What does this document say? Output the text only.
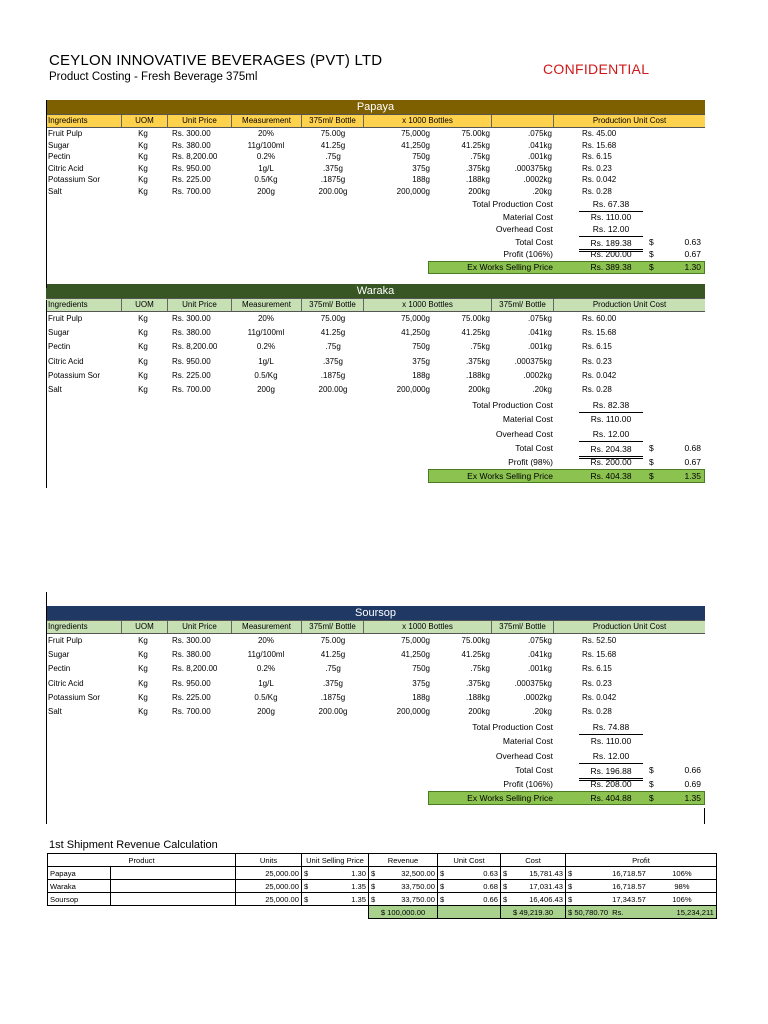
CEYLON INNOVATIVE BEVERAGES (PVT) LTD
Product Costing - Fresh Beverage 375ml	CONFIDENTIAL
Papaya
Ingredients	UOM	Unit Price	Measurement	375ml/ Bottle	x 1000 Bottles	Production Unit Cost
Fruit Pulp	Kg	Rs. 300.00	20%	75.00g	75,000g	75.00kg	.075kg	Rs. 45.00
Sugar	Kg	Rs. 380.00	11g/100ml	41.25g	41,250g	41.25kg	.041kg	Rs. 15.68
Pectin	Kg	Rs. 8,200.00	0.2%	.75g	750g	.75kg	.001kg	Rs. 6.15
Citric Acid	Kg	Rs. 950.00	1g/L	.375g	375g	.375kg	.000375kg	Rs. 0.23
Potassium Sor	Kg	Rs. 225.00	0.5/Kg	.1875g	188g	.188kg	.0002kg	Rs. 0.042
Salt	Kg	Rs. 700.00	200g	200.00g	200,000g	200kg	.20kg	Rs. 0.28
Total Production Cost	Rs. 67.38
Material Cost	Rs. 110.00
Overhead Cost	Rs. 12.00
Total Cost	Rs. 189.38	$	0.63
Profit (106%)	Rs. 200.00	$	0.67
Ex Works Selling Price	Rs. 389.38	$	1.30
Waraka
Ingredients	UOM	Unit Price	Measurement	375ml/ Bottle	x 1000 Bottles	375ml/ Bottle	Production Unit Cost
Fruit Pulp	Kg	Rs. 300.00	20%	75.00g	75,000g	75.00kg	.075kg	Rs. 60.00
Sugar	Kg	Rs. 380.00	11g/100ml	41.25g	41,250g	41.25kg	.041kg	Rs. 15.68
Pectin	Kg	Rs. 8,200.00	0.2%	.75g	750g	.75kg	.001kg	Rs. 6.15
Citric Acid	Kg	Rs. 950.00	1g/L	.375g	375g	.375kg	.000375kg	Rs. 0.23
Potassium Sor	Kg	Rs. 225.00	0.5/Kg	.1875g	188g	.188kg	.0002kg	Rs. 0.042
Salt	Kg	Rs. 700.00	200g	200.00g	200,000g	200kg	.20kg	Rs. 0.28
Total Production Cost	Rs. 82.38
Material Cost	Rs. 110.00
Overhead Cost	Rs. 12.00
Total Cost	Rs. 204.38	$	0.68
Profit (98%)	Rs. 200.00	$	0.67
Ex Works Selling Price	Rs. 404.38	$	1.35
Soursop
Ingredients	UOM	Unit Price	Measurement	375ml/ Bottle	x 1000 Bottles	375ml/ Bottle	Production Unit Cost
Fruit Pulp	Kg	Rs. 300.00	20%	75.00g	75,000g	75.00kg	.075kg	Rs. 52.50
Sugar	Kg	Rs. 380.00	11g/100ml	41.25g	41,250g	41.25kg	.041kg	Rs. 15.68
Pectin	Kg	Rs. 8,200.00	0.2%	.75g	750g	.75kg	.001kg	Rs. 6.15
Citric Acid	Kg	Rs. 950.00	1g/L	.375g	375g	.375kg	.000375kg	Rs. 0.23
Potassium Sor	Kg	Rs. 225.00	0.5/Kg	.1875g	188g	.188kg	.0002kg	Rs. 0.042
Salt	Kg	Rs. 700.00	200g	200.00g	200,000g	200kg	.20kg	Rs. 0.28
Total Production Cost	Rs. 74.88
Material Cost	Rs. 110.00
Overhead Cost	Rs. 12.00
Total Cost	Rs. 196.88	$	0.66
Profit (106%)	Rs. 208.00	$	0.69
Ex Works Selling Price	Rs. 404.88	$	1.35
1st Shipment Revenue Calculation
Product		Units	Unit Selling Price		Revenue		Unit Cost		Cost		Profit		
Papaya		25,000.00	$	1.30	$	32,500.00	$	0.63	$	15,781.43	$	16,718.57	106%
Waraka		25,000.00	$	1.35	$	33,750.00	$	0.68	$	17,031.43	$	16,718.57	98%
Soursop		25,000.00	$	1.35	$	33,750.00	$	0.66	$	16,406.43	$	17,343.57	106%
					$ 100,000.00				$ 49,219.30		$ 50,780.70	Rs.	15,234,211
